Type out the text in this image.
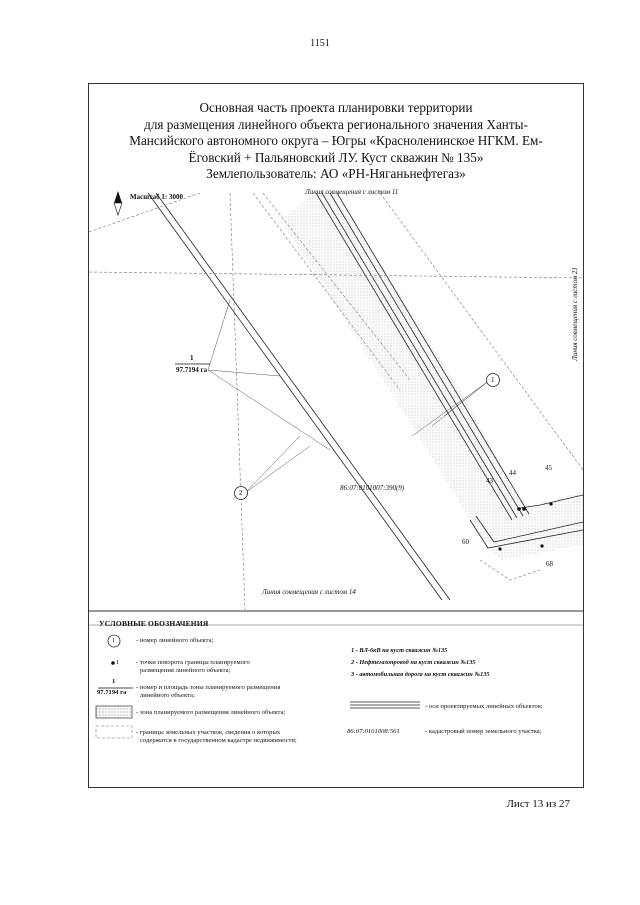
1151
Основная часть проекта планировки территории
для размещения линейного объекта регионального значения Ханты-
Мансийского автономного округа – Югры «Красноленинское НГКМ. Ем-
Ёговский + Пальяновский ЛУ. Куст скважин № 135»
Землепользователь: АО «РН-Няганьнефтегаз»
Масштаб 1: 3000
Линия совмещения с листом 11
Линия совмещения с листом 21
Линия совмещения с листом 14
1
97.7194 га
1
2
86:07:0101007:390(9)
43
44
45
60
68
УСЛОВНЫЕ ОБОЗНАЧЕНИЯ
1	- номер линейного объекта;
1	- точки поворота границы планируемого
размещения линейного объекта;
1
97.7194 га
- номер и площадь зоны планируемого размещения
линейного объекта;
- зона планируемого размещения линейного объекта;
- границы земельных участков, сведения о которых
содержатся в государственном кадастре недвижимости;
1 - ВЛ-6кВ на куст скважин №135
2 - Нефтегазопровод на куст скважин №135
3 - автомобильная дорога на куст скважин №135
- оси проектируемых линейных объектов;
86:07:0101008:561	- кадастровый номер земельного участка;
Лист 13 из 27
